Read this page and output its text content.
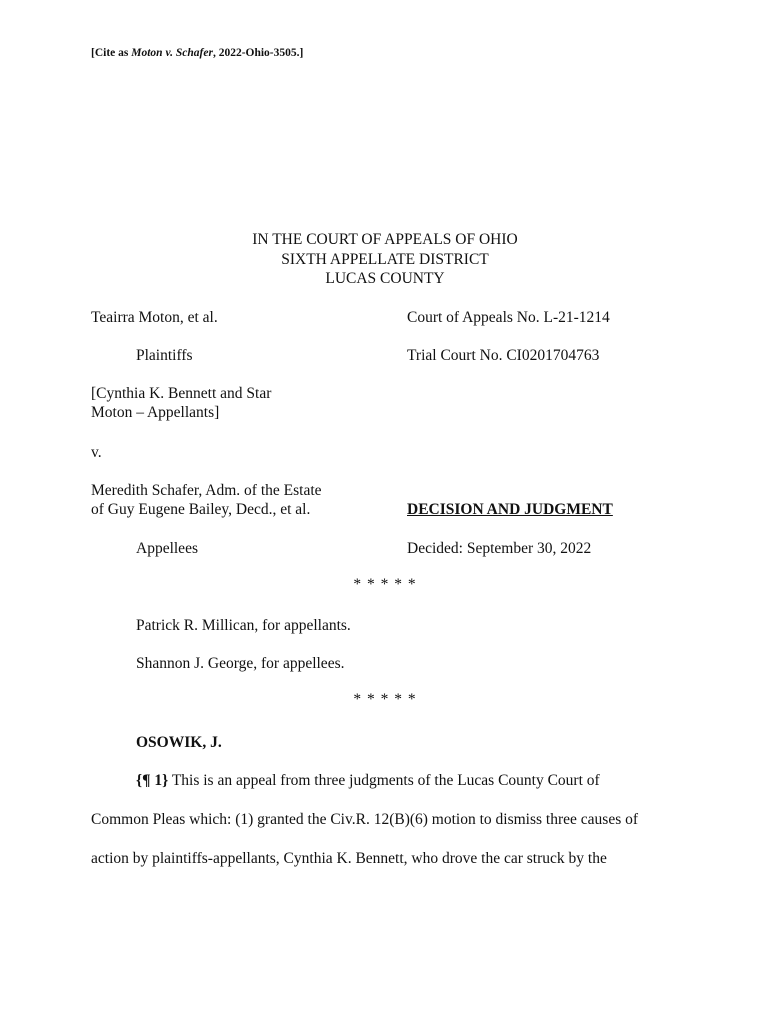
[Cite as Moton v. Schafer, 2022-Ohio-3505.]
IN THE COURT OF APPEALS OF OHIO
SIXTH APPELLATE DISTRICT
LUCAS COUNTY
Teairra Moton, et al.	Court of Appeals No. L-21-1214
Plaintiffs	Trial Court No. CI0201704763
[Cynthia K. Bennett and Star
Moton – Appellants]
v.
Meredith Schafer, Adm. of the Estate
of Guy Eugene Bailey, Decd., et al.	DECISION AND JUDGMENT
Appellees	Decided: September 30, 2022
* * * * *
Patrick R. Millican, for appellants.
Shannon J. George, for appellees.
* * * * *
OSOWIK, J.
{¶ 1} This is an appeal from three judgments of the Lucas County Court of
Common Pleas which: (1) granted the Civ.R. 12(B)(6) motion to dismiss three causes of
action by plaintiffs-appellants, Cynthia K. Bennett, who drove the car struck by the
